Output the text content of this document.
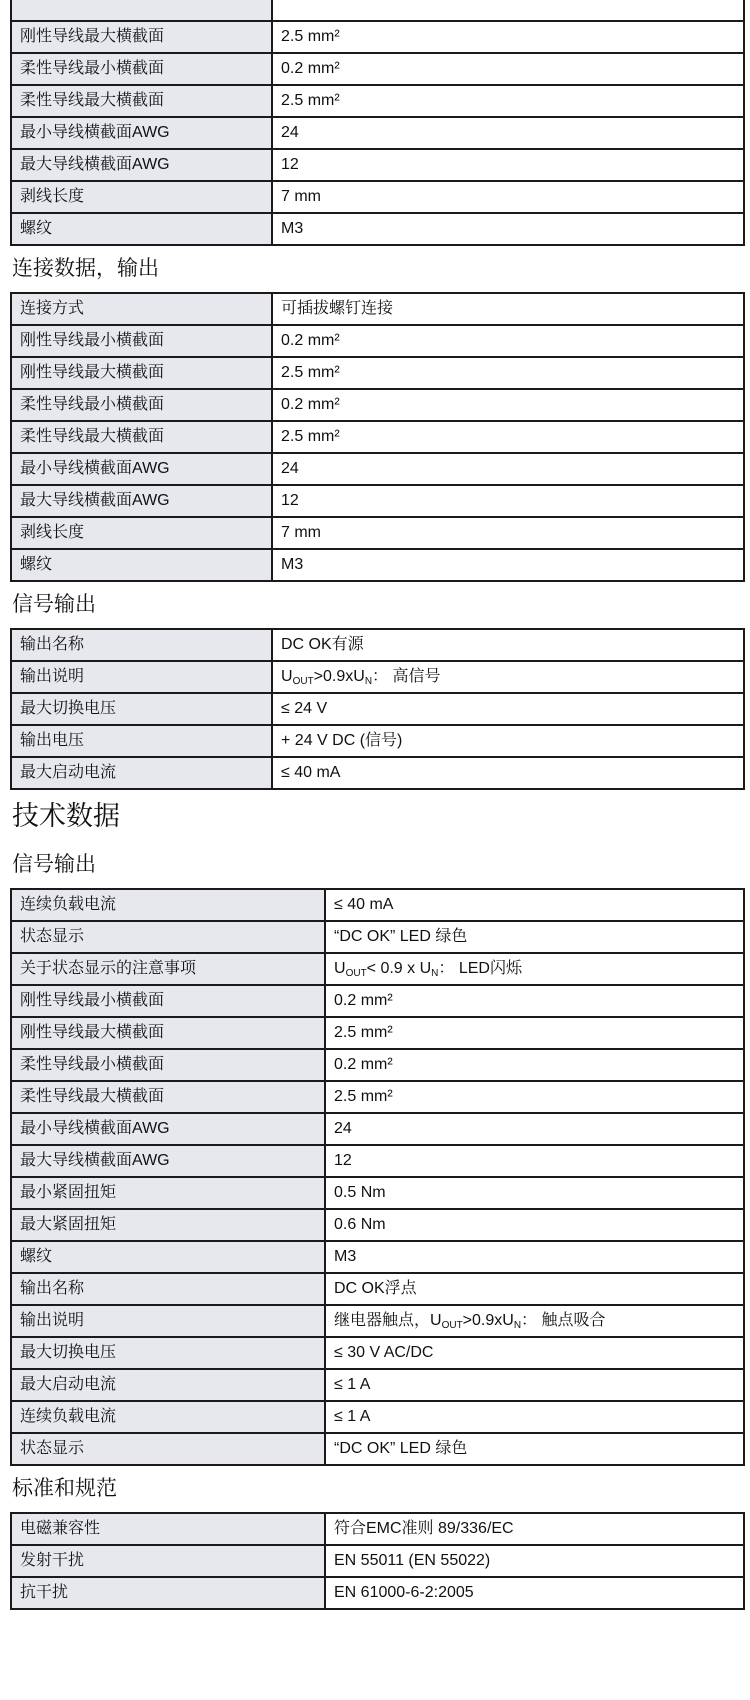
刚性导线最大横截面	2.5 mm²
柔性导线最小横截面	0.2 mm²
柔性导线最大横截面	2.5 mm²
最小导线横截面AWG	24
最大导线横截面AWG	12
剥线长度	7 mm
螺纹	M3
连接数据，输出
连接方式	可插拔螺钉连接
刚性导线最小横截面	0.2 mm²
刚性导线最大横截面	2.5 mm²
柔性导线最小横截面	0.2 mm²
柔性导线最大横截面	2.5 mm²
最小导线横截面AWG	24
最大导线横截面AWG	12
剥线长度	7 mm
螺纹	M3
信号输出
输出名称	DC OK有源
输出说明	$U_{OUT}>0.9xU_N$： 高信号
最大切换电压	≤ 24 V
输出电压	+ 24 V DC (信号)
最大启动电流	≤ 40 mA
技术数据
信号输出
连续负载电流	≤ 40 mA
状态显示	“DC OK” LED 绿色
关于状态显示的注意事项	$U_{OUT}< 0.9$ x $U_N$： LED闪烁
刚性导线最小横截面	0.2 mm²
刚性导线最大横截面	2.5 mm²
柔性导线最小横截面	0.2 mm²
柔性导线最大横截面	2.5 mm²
最小导线横截面AWG	24
最大导线横截面AWG	12
最小紧固扭矩	0.5 Nm
最大紧固扭矩	0.6 Nm
螺纹	M3
输出名称	DC OK浮点
输出说明	继电器触点，$U_{OUT}>0.9xU_N$： 触点吸合
最大切换电压	≤ 30 V AC/DC
最大启动电流	≤ 1 A
连续负载电流	≤ 1 A
状态显示	“DC OK” LED 绿色
标准和规范
电磁兼容性	符合EMC准则 89/336/EC
发射干扰	EN 55011 (EN 55022)
抗干扰	EN 61000-6-2:2005
